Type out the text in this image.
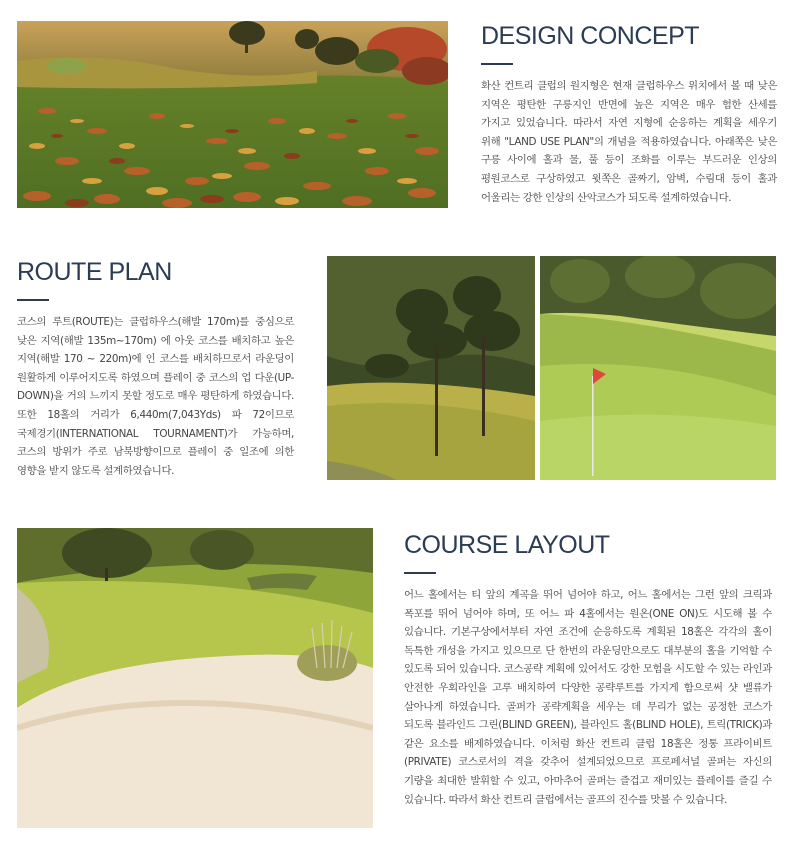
DESIGN CONCEPT

화산 컨트리 클럽의 원지형은 현재 클럽하우스 위치에서 볼 때 낮은 지역은 평탄한 구릉지인 반면에 높은 지역은 매우 험한 산세를 가지고 있었습니다. 따라서 자연 지형에 순응하는 계획을 세우기 위해 "LAND USE PLAN"의 개념을 적용하였습니다. 아래쪽은 낮은 구릉 사이에 홀과 물, 풀 등이 조화를 이루는 부드러운 인상의 평원코스로 구상하였고 윗쪽은 골짜기, 암벽, 수림대 등이 홀과 어울리는 강한 인상의 산악코스가 되도록 설계하였습니다.

ROUTE PLAN

코스의 루트(ROUTE)는 클럽하우스(해발 170m)를 중심으로 낮은 지역(해발 135m~170m) 에 아웃 코스를 배치하고 높은 지역(해발 170 ~ 220m)에 인 코스를 배치하므로서 라운딩이 원활하게 이루어지도록 하였으며 플레이 중 코스의 업 다운(UP-DOWN)을 거의 느끼지 못할 정도로 매우 평탄하게 하였습니다. 또한 18홀의 거리가 6,440m(7,043Yds) 파 72이므로 국제경기(INTERNATIONAL TOURNAMENT)가 가능하며, 코스의 방위가 주로 남북방향이므로 플레이 중 일조에 의한 영향을 받지 않도록 설계하였습니다.

COURSE LAYOUT

어느 홀에서는 티 앞의 계곡을 뛰어 넘어야 하고, 어느 홀에서는 그런 앞의 크릭과 폭포를 뛰어 넘어야 하며, 또 어느 파 4홀에서는 원온(ONE ON)도 시도해 볼 수 있습니다. 기본구상에서부터 자연 조건에 순응하도록 계획된 18홀은 각각의 홀이 독특한 개성을 가지고 있으므로 단 한번의 라운딩만으로도 대부분의 홀을 기억할 수 있도록 되어 있습니다. 코스공략 계획에 있어서도 강한 모험을 시도할 수 있는 라인과 안전한 우회라인을 고루 배치하여 다양한 공략루트를 가지게 함으로써 샷 밸류가 살아나게 하였습니다. 골퍼가 공략계획을 세우는 데 무리가 없는 공정한 코스가 되도록 블라인드 그린(BLIND GREEN), 블라인드 홀(BLIND HOLE), 트릭(TRICK)과 같은 요소를 배제하였습니다. 이처럼 화산 컨트리 클럽 18홀은 정통 프라이비트(PRIVATE) 코스로서의 격을 갖추어 설계되었으므로 프로페셔널 골퍼는 자신의 기량을 최대한 발휘할 수 있고, 아마추어 골퍼는 즐겁고 재미있는 플레이를 즐길 수 있습니다. 따라서 화산 컨트리 클럽에서는 골프의 진수를 맛볼 수 있습니다.
